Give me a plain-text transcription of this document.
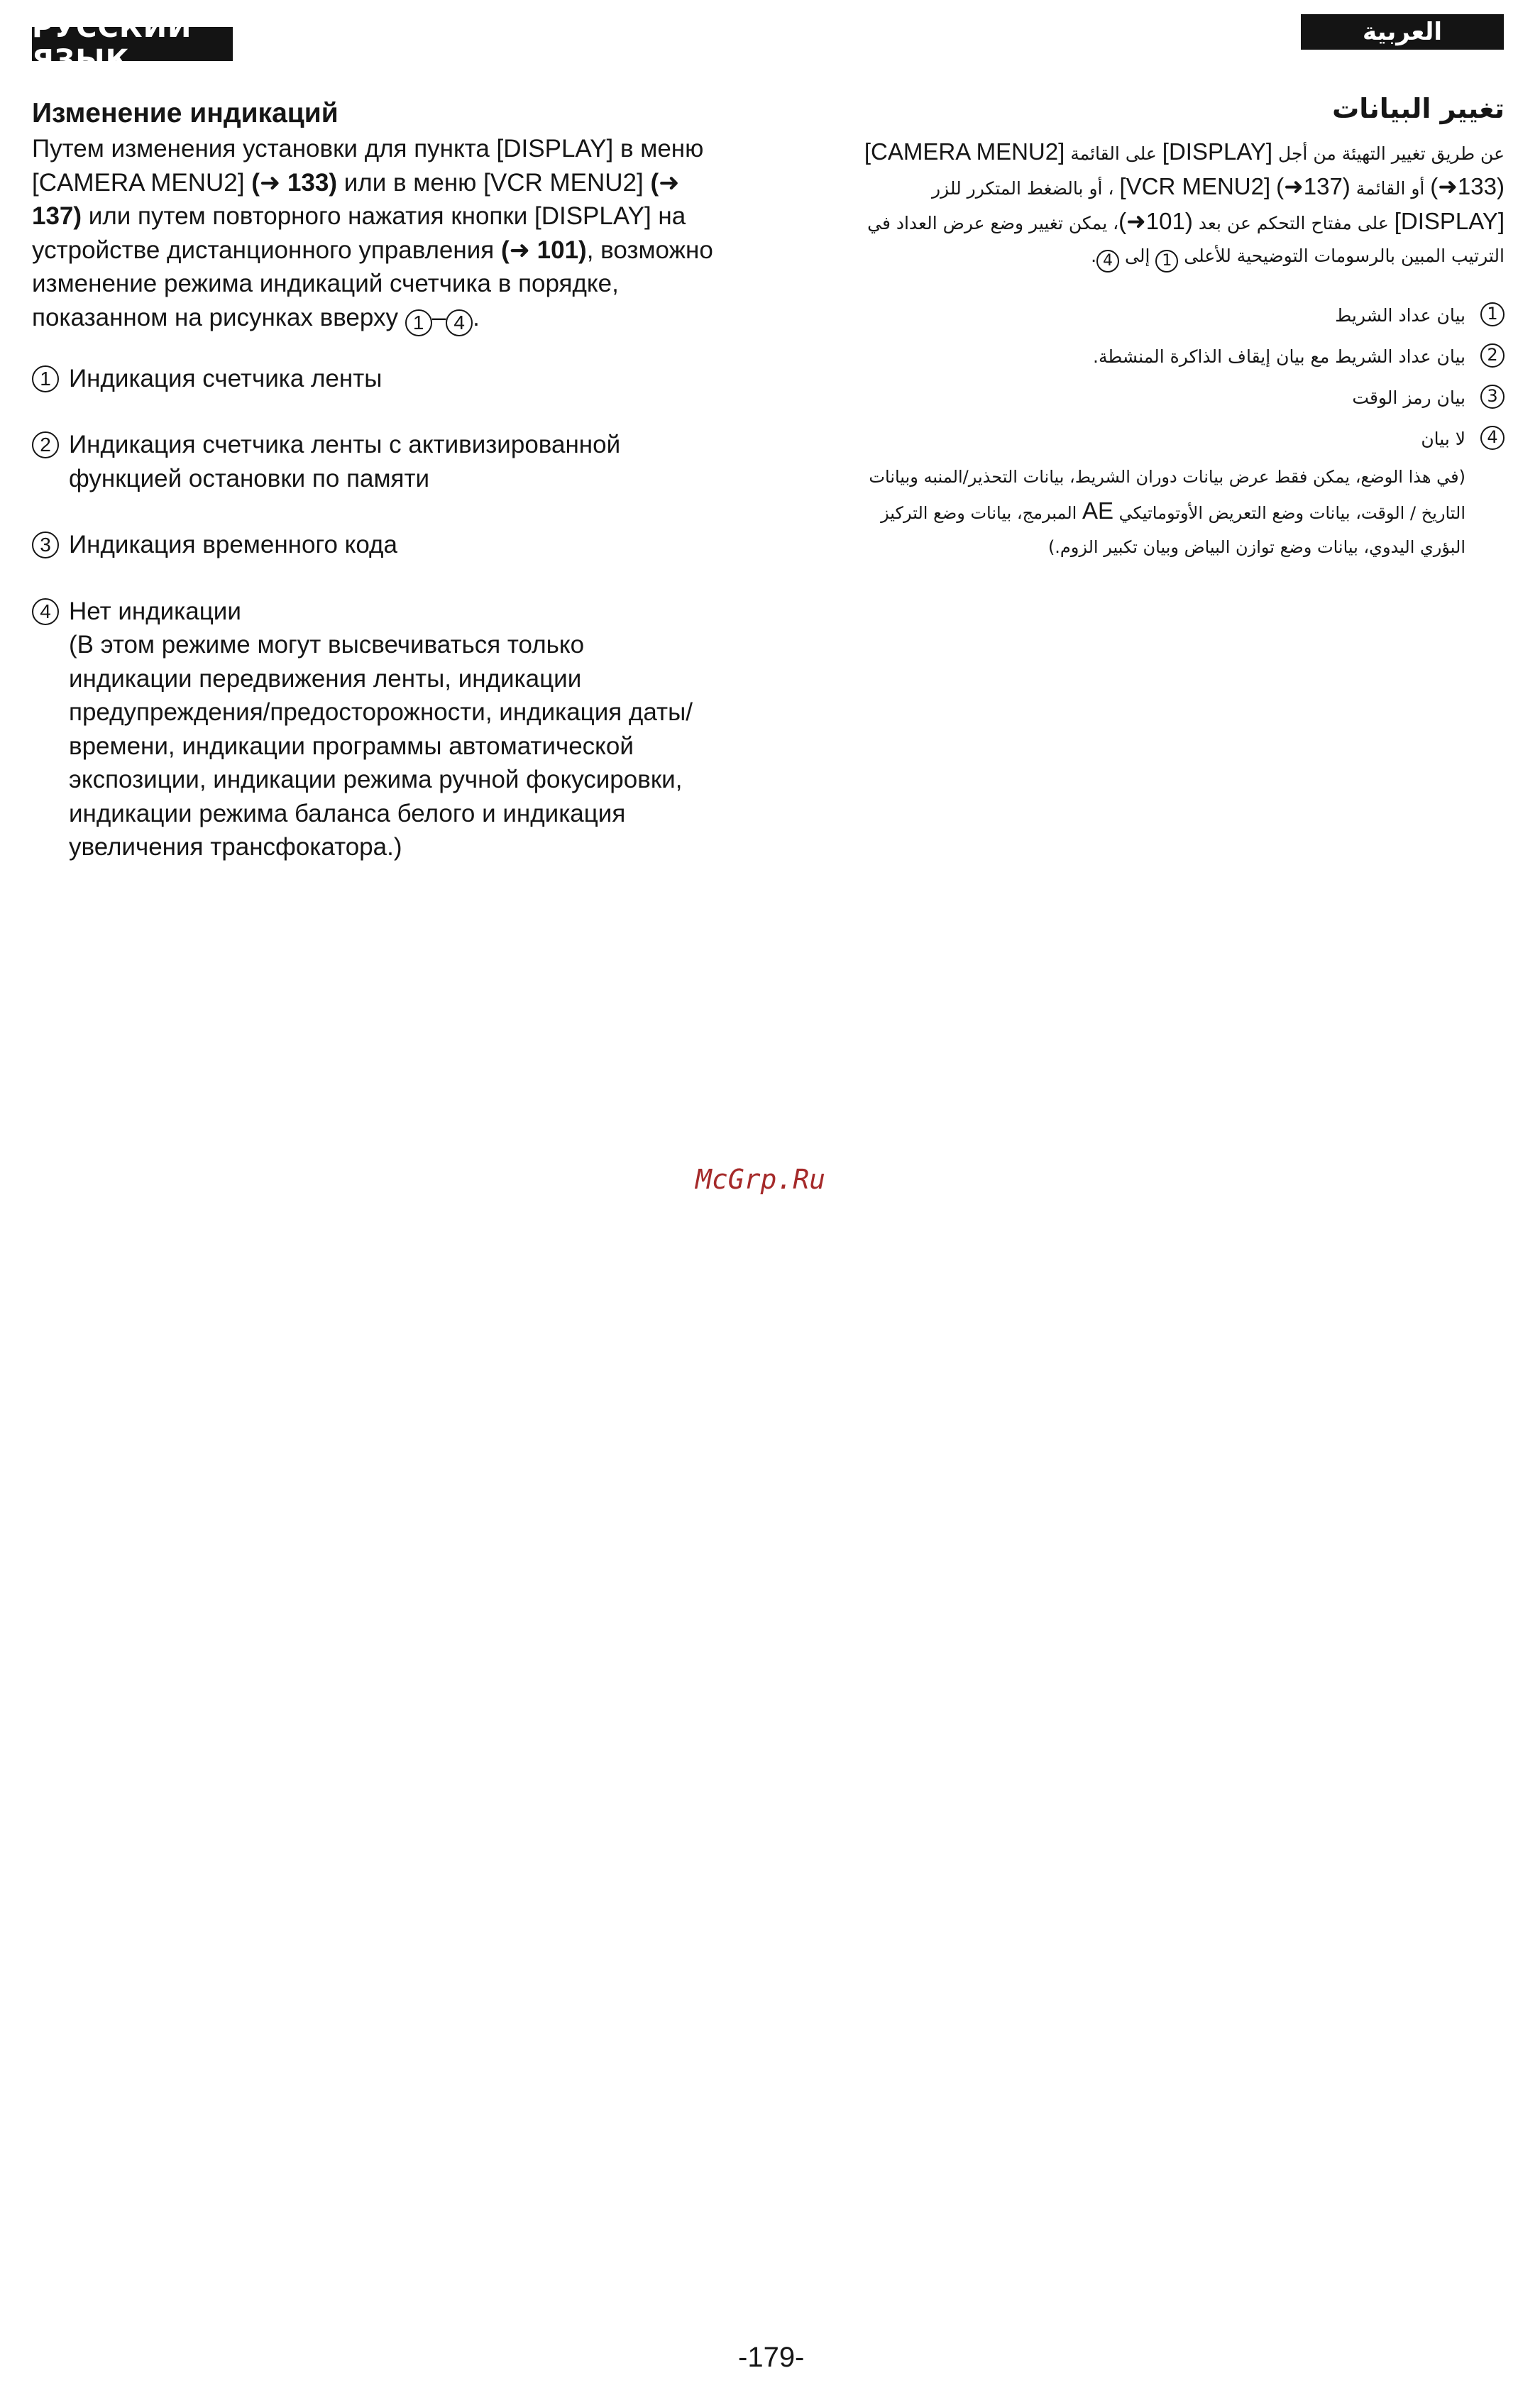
РУССКИЙ ЯЗЫК
العربية
Изменение индикаций

Путем изменения установки для пункта [DISPLAY] в меню [CAMERA MENU2] (➜ 133) или в меню [VCR MENU2] (➜ 137) или путем повторного нажатия кнопки [DISPLAY] на устройстве дистанционного управления (➜ 101), возможно изменение режима индикаций счетчика в порядке, показанном на рисунках вверху 1 – 4 .

1 Индикация счетчика ленты
2 Индикация счетчика ленты с активизированной функцией остановки по памяти
3 Индикация временного кода
4 Нет индикации
(В этом режиме могут высвечиваться только индикации передвижения ленты, индикации предупреждения/предосторожности, индикация даты/времени, индикации программы автоматической экспозиции, индикации режима ручной фокусировки, индикации режима баланса белого и индикация увеличения трансфокатора.)
تغيير البيانات

عن طريق تغيير التهيئة من أجل [DISPLAY] على القائمة [CAMERA MENU2] (➜133) أو القائمة [VCR MENU2] (➜137) ، أو بالضغط المتكرر للزر [DISPLAY] على مفتاح التحكم عن بعد (➜101)، يمكن تغيير وضع عرض العداد في الترتيب المبين بالرسومات التوضيحية للأعلى 1 إلى 4.

1
بيان عداد الشريط
2
بيان عداد الشريط مع بيان إيقاف الذاكرة المنشطة.
3
بيان رمز الوقت
4
لا بيان

(في هذا الوضع، يمكن فقط عرض بيانات دوران الشريط، بيانات التحذير/المنبه وبيانات التاريخ / الوقت، بيانات وضع التعريض الأوتوماتيكي AE المبرمج، بيانات وضع التركيز البؤري اليدوي، بيانات وضع توازن البياض وبيان تكبير الزوم.)

McGrp.Ru
-179-
